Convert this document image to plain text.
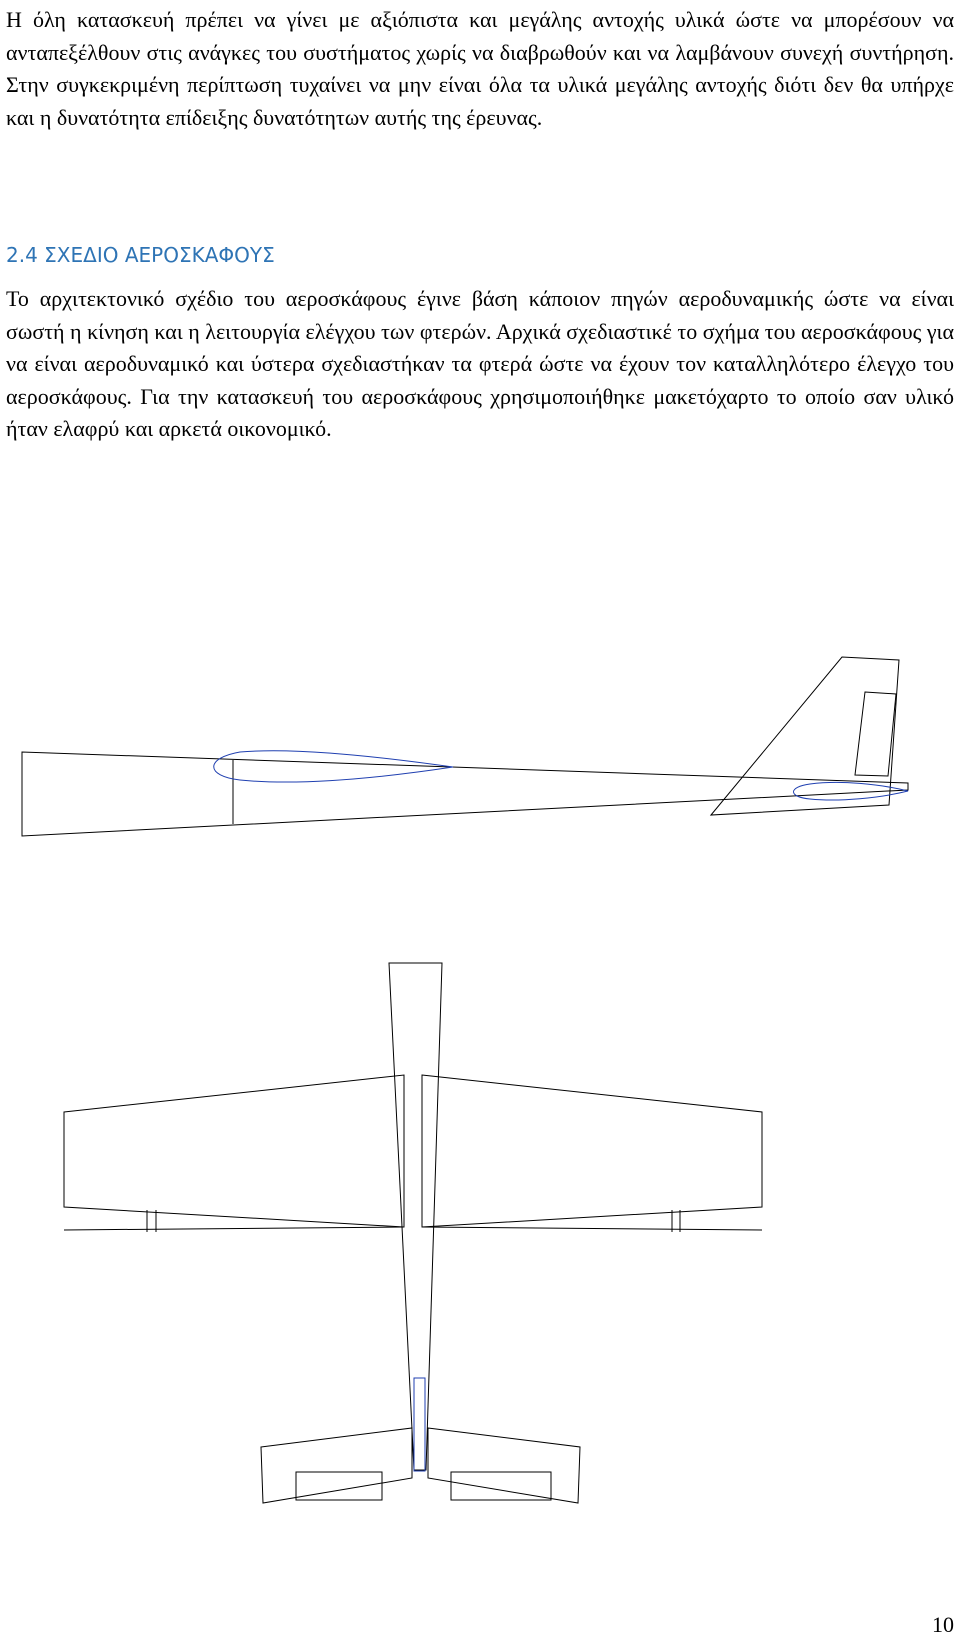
Η όλη κατασκευή πρέπει να γίνει με αξιόπιστα και μεγάλης αντοχής υλικά ώστε να μπορέσουν να ανταπεξέλθουν στις ανάγκες του συστήματος χωρίς να διαβρωθούν και να λαμβάνουν συνεχή συντήρηση. Στην συγκεκριμένη περίπτωση τυχαίνει να μην είναι όλα τα υλικά μεγάλης αντοχής διότι δεν θα υπήρχε και η δυνατότητα επίδειξης δυνατότητων αυτής της έρευνας.

2.4 ΣΧΕΔΙΟ ΑΕΡΟΣΚΑΦΟΥΣ

Το αρχιτεκτονικό σχέδιο του αεροσκάφους έγινε βάση κάποιον πηγών αεροδυναμικής ώστε να είναι σωστή η κίνηση και η λειτουργία ελέγχου των φτερών. Αρχικά σχεδιαστικέ το σχήμα του αεροσκάφους για να είναι αεροδυναμικό και ύστερα σχεδιαστήκαν τα φτερά ώστε να έχουν τον καταλληλότερο έλεγχο του αεροσκάφους. Για την κατασκευή του αεροσκάφους χρησιμοποιήθηκε μακετόχαρτο το οποίο σαν υλικό ήταν ελαφρύ και αρκετά οικονομικό.

10
